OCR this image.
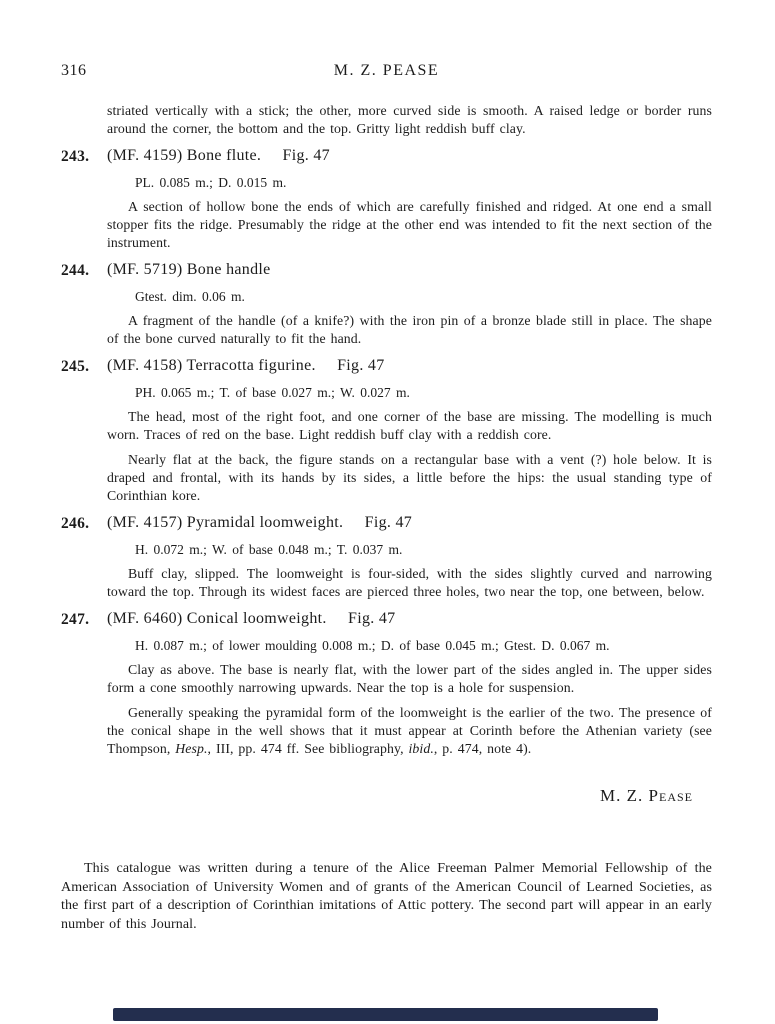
316	M. Z. PEASE

striated vertically with a stick; the other, more curved side is smooth. A raised ledge or border runs around the corner, the bottom and the top. Gritty light reddish buff clay.

243. (MF. 4159) Bone flute. Fig. 47

PL. 0.085 m.; D. 0.015 m.

A section of hollow bone the ends of which are carefully finished and ridged. At one end a small stopper fits the ridge. Presumably the ridge at the other end was intended to fit the next section of the instrument.

244. (MF. 5719) Bone handle

Gtest. dim. 0.06 m.

A fragment of the handle (of a knife?) with the iron pin of a bronze blade still in place. The shape of the bone curved naturally to fit the hand.

245. (MF. 4158) Terracotta figurine. Fig. 47

PH. 0.065 m.; T. of base 0.027 m.; W. 0.027 m.

The head, most of the right foot, and one corner of the base are missing. The modelling is much worn. Traces of red on the base. Light reddish buff clay with a reddish core.

Nearly flat at the back, the figure stands on a rectangular base with a vent (?) hole below. It is draped and frontal, with its hands by its sides, a little before the hips: the usual standing type of Corinthian kore.

246. (MF. 4157) Pyramidal loomweight. Fig. 47

H. 0.072 m.; W. of base 0.048 m.; T. 0.037 m.

Buff clay, slipped. The loomweight is four-sided, with the sides slightly curved and narrowing toward the top. Through its widest faces are pierced three holes, two near the top, one between, below.

247. (MF. 6460) Conical loomweight. Fig. 47

H. 0.087 m.; of lower moulding 0.008 m.; D. of base 0.045 m.; Gtest. D. 0.067 m.

Clay as above. The base is nearly flat, with the lower part of the sides angled in. The upper sides form a cone smoothly narrowing upwards. Near the top is a hole for suspension.

Generally speaking the pyramidal form of the loomweight is the earlier of the two. The presence of the conical shape in the well shows that it must appear at Corinth before the Athenian variety (see Thompson, Hesp., III, pp. 474 ff. See bibliography, ibid., p. 474, note 4).

M. Z. Pease

This catalogue was written during a tenure of the Alice Freeman Palmer Memorial Fellowship of the American Association of University Women and of grants of the American Council of Learned Societies, as the first part of a description of Corinthian imitations of Attic pottery. The second part will appear in an early number of this Journal.
